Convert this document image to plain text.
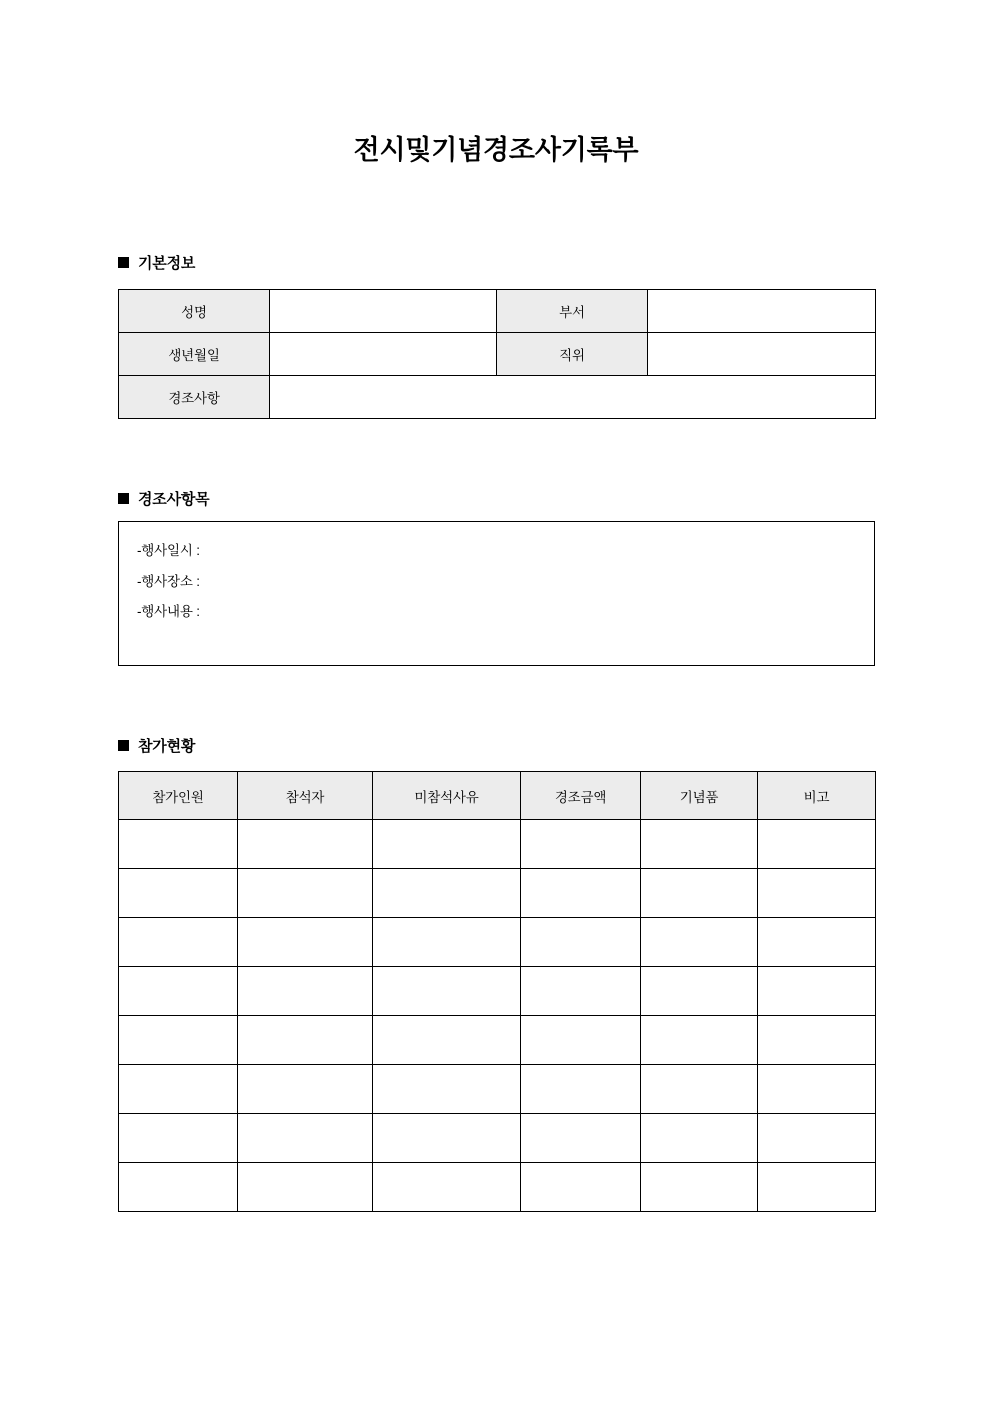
전시및기념경조사기록부
기본정보
성명		부서	
생년월일		직위	
경조사항			
경조사항목
-행사일시 :
-행사장소 :
-행사내용 :
참가현황
참가인원	참석자	미참석사유	경조금액	기념품	비고
